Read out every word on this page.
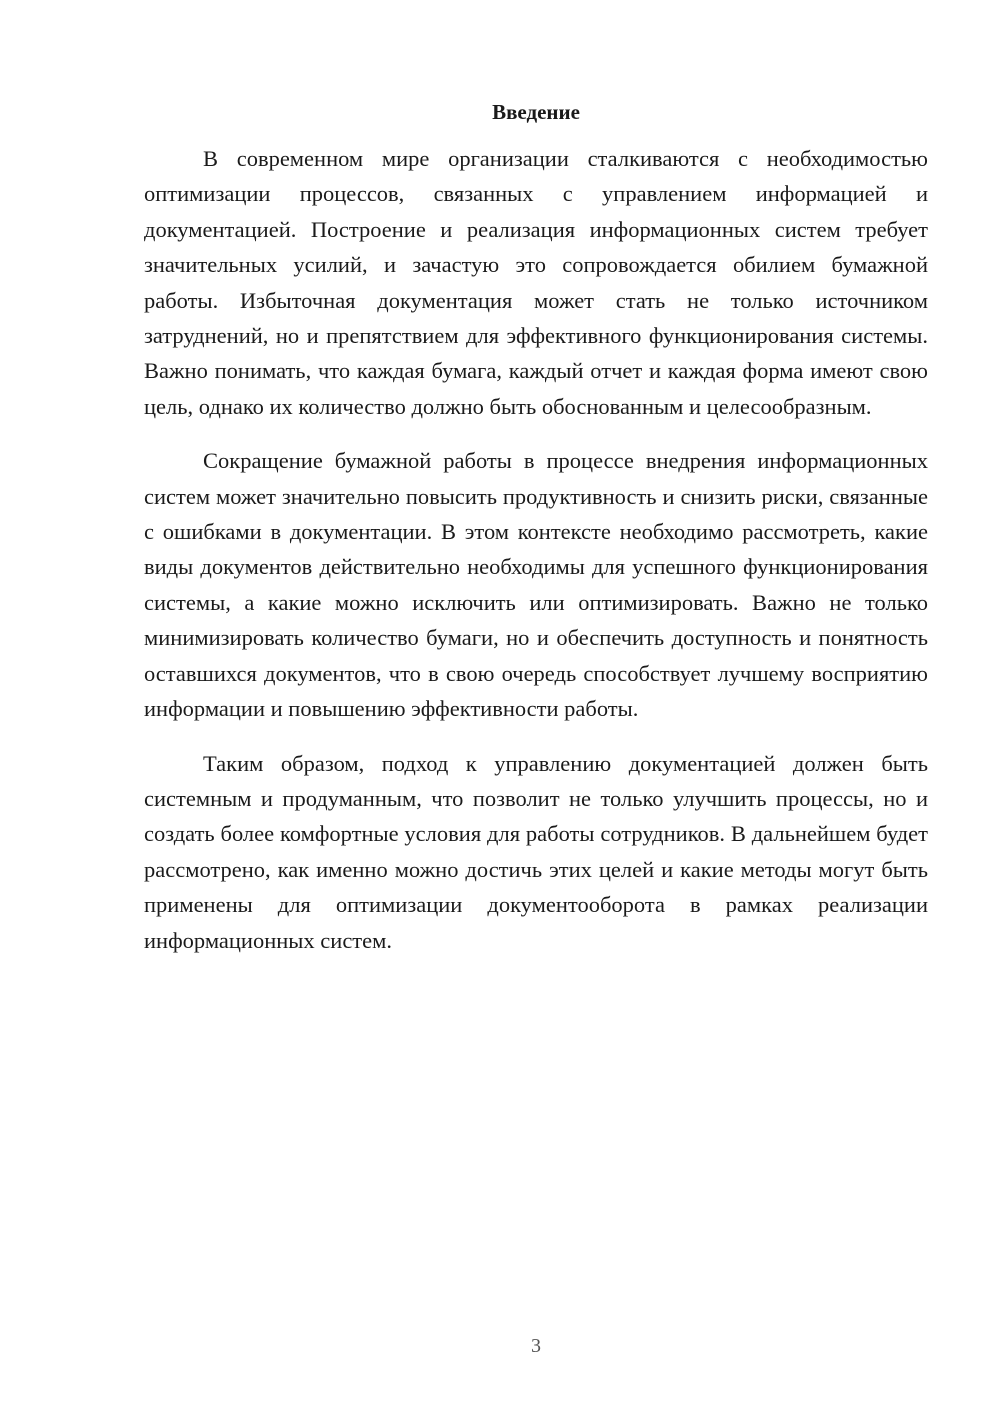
Введение

В современном мире организации сталкиваются с необходимостью оптимизации процессов, связанных с управлением информацией и документацией. Построение и реализация информационных систем требует значительных усилий, и зачастую это сопровождается обилием бумажной работы. Избыточная документация может стать не только источником затруднений, но и препятствием для эффективного функционирования системы. Важно понимать, что каждая бумага, каждый отчет и каждая форма имеют свою цель, однако их количество должно быть обоснованным и целесообразным.

Сокращение бумажной работы в процессе внедрения информационных систем может значительно повысить продуктивность и снизить риски, связанные с ошибками в документации. В этом контексте необходимо рассмотреть, какие виды документов действительно необходимы для успешного функционирования системы, а какие можно исключить или оптимизировать. Важно не только минимизировать количество бумаги, но и обеспечить доступность и понятность оставшихся документов, что в свою очередь способствует лучшему восприятию информации и повышению эффективности работы.

Таким образом, подход к управлению документацией должен быть системным и продуманным, что позволит не только улучшить процессы, но и создать более комфортные условия для работы сотрудников. В дальнейшем будет рассмотрено, как именно можно достичь этих целей и какие методы могут быть применены для оптимизации документооборота в рамках реализации информационных систем.

3
